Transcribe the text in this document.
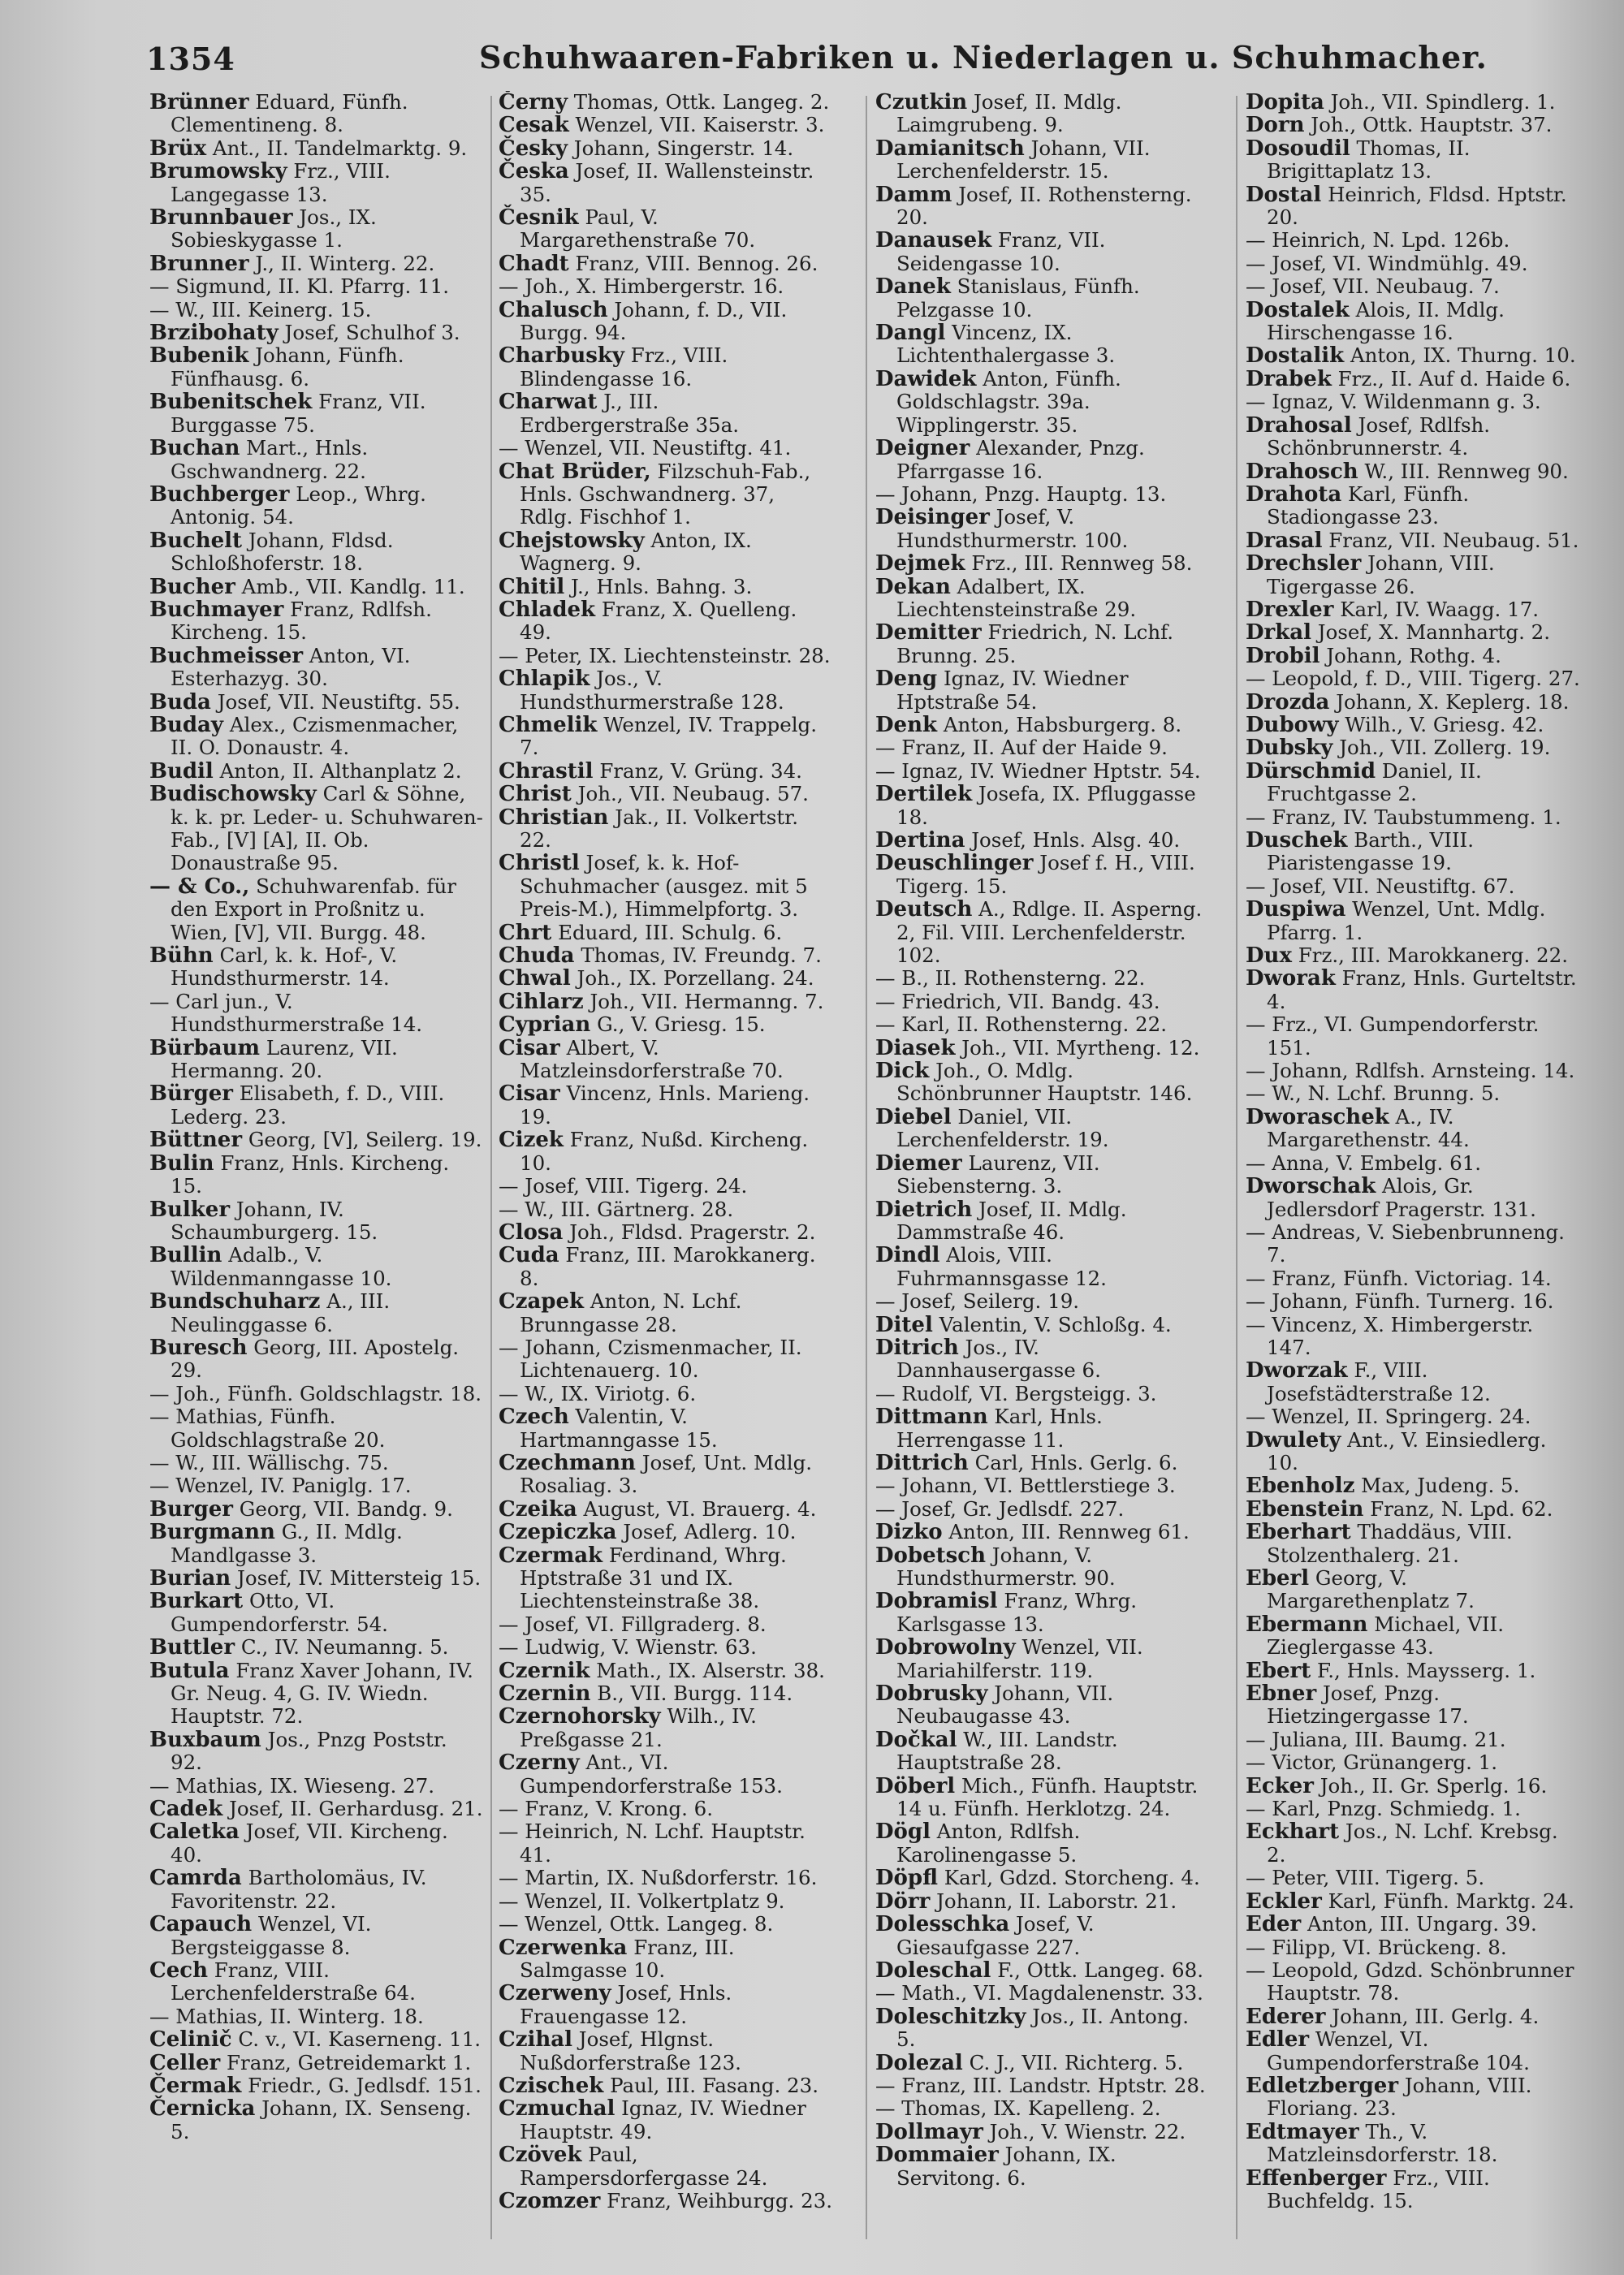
1354	Schuhwaaren-Fabriken u. Niederlagen u. Schuhmacher.

Brünner Eduard, Fünfh. Clementineng. 8.

Brüx Ant., II. Tandelmarktg. 9.

Brumowsky Frz., VIII. Langegasse 13.

Brunnbauer Jos., IX. Sobieskygasse 1.

Brunner J., II. Winterg. 22.

— Sigmund, II. Kl. Pfarrg. 11.

— W., III. Keinerg. 15.

Brzibohaty Josef, Schulhof 3.

Bubenik Johann, Fünfh. Fünfhausg. 6.

Bubenitschek Franz, VII. Burggasse 75.

Buchan Mart., Hnls. Gschwandnerg. 22.

Buchberger Leop., Whrg. Antonig. 54.

Buchelt Johann, Fldsd. Schloßhoferstr. 18.

Bucher Amb., VII. Kandlg. 11.

Buchmayer Franz, Rdlfsh. Kircheng. 15.

Buchmeisser Anton, VI. Esterhazyg. 30.

Buda Josef, VII. Neustiftg. 55.

Buday Alex., Czismenmacher, II. O. Donaustr. 4.

Budil Anton, II. Althanplatz 2.

Budischowsky Carl & Söhne, k. k. pr. Leder- u. Schuhwaren-Fab., [V] [A], II. Ob. Donaustraße 95.

— & Co., Schuhwarenfab. für den Export in Proßnitz u. Wien, [V], VII. Burgg. 48.

Bühn Carl, k. k. Hof-, V. Hundsthurmerstr. 14.

— Carl jun., V. Hundsthurmerstraße 14.

Bürbaum Laurenz, VII. Hermanng. 20.

Bürger Elisabeth, f. D., VIII. Lederg. 23.

Büttner Georg, [V], Seilerg. 19.

Bulin Franz, Hnls. Kircheng. 15.

Bulker Johann, IV. Schaumburgerg. 15.

Bullin Adalb., V. Wildenmanngasse 10.

Bundschuharz A., III. Neulinggasse 6.

Buresch Georg, III. Apostelg. 29.

— Joh., Fünfh. Goldschlagstr. 18.

— Mathias, Fünfh. Goldschlagstraße 20.

— W., III. Wällischg. 75.

— Wenzel, IV. Paniglg. 17.

Burger Georg, VII. Bandg. 9.

Burgmann G., II. Mdlg. Mandlgasse 3.

Burian Josef, IV. Mittersteig 15.

Burkart Otto, VI. Gumpendorferstr. 54.

Buttler C., IV. Neumanng. 5.

Butula Franz Xaver Johann, IV. Gr. Neug. 4, G. IV. Wiedn. Hauptstr. 72.

Buxbaum Jos., Pnzg Poststr. 92.

— Mathias, IX. Wieseng. 27.

Cadek Josef, II. Gerhardusg. 21.

Caletka Josef, VII. Kircheng. 40.

Camrda Bartholomäus, IV. Favoritenstr. 22.

Capauch Wenzel, VI. Bergsteiggasse 8.

Cech Franz, VIII. Lerchenfelderstraße 64.

— Mathias, II. Winterg. 18.

Celinič C. v., VI. Kaserneng. 11.

Celler Franz, Getreidemarkt 1.

Čermak Friedr., G. Jedlsdf. 151.

Černicka Johann, IX. Senseng. 5.

Černy Thomas, Ottk. Langeg. 2.

Cesak Wenzel, VII. Kaiserstr. 3.

Česky Johann, Singerstr. 14.

Česka Josef, II. Wallensteinstr. 35.

Česnik Paul, V. Margarethenstraße 70.

Chadt Franz, VIII. Bennog. 26.

— Joh., X. Himbergerstr. 16.

Chalusch Johann, f. D., VII. Burgg. 94.

Charbusky Frz., VIII. Blindengasse 16.

Charwat J., III. Erdbergerstraße 35a.

— Wenzel, VII. Neustiftg. 41.

Chat Brüder, Filzschuh-Fab., Hnls. Gschwandnerg. 37, Rdlg. Fischhof 1.

Chejstowsky Anton, IX. Wagnerg. 9.

Chitil J., Hnls. Bahng. 3.

Chladek Franz, X. Quelleng. 49.

— Peter, IX. Liechtensteinstr. 28.

Chlapik Jos., V. Hundsthurmerstraße 128.

Chmelik Wenzel, IV. Trappelg. 7.

Chrastil Franz, V. Grüng. 34.

Christ Joh., VII. Neubaug. 57.

Christian Jak., II. Volkertstr. 22.

Christl Josef, k. k. Hof-Schuhmacher (ausgez. mit 5 Preis-M.), Himmelpfortg. 3.

Chrt Eduard, III. Schulg. 6.

Chuda Thomas, IV. Freundg. 7.

Chwal Joh., IX. Porzellang. 24.

Cihlarz Joh., VII. Hermanng. 7.

Cyprian G., V. Griesg. 15.

Cisar Albert, V. Matzleinsdorferstraße 70.

Cisar Vincenz, Hnls. Marieng. 19.

Cizek Franz, Nußd. Kircheng. 10.

— Josef, VIII. Tigerg. 24.

— W., III. Gärtnerg. 28.

Closa Joh., Fldsd. Pragerstr. 2.

Cuda Franz, III. Marokkanerg. 8.

Czapek Anton, N. Lchf. Brunngasse 28.

— Johann, Czismenmacher, II. Lichtenauerg. 10.

— W., IX. Viriotg. 6.

Czech Valentin, V. Hartmanngasse 15.

Czechmann Josef, Unt. Mdlg. Rosaliag. 3.

Czeika August, VI. Brauerg. 4.

Czepiczka Josef, Adlerg. 10.

Czermak Ferdinand, Whrg. Hptstraße 31 und IX. Liechtensteinstraße 38.

— Josef, VI. Fillgraderg. 8.

— Ludwig, V. Wienstr. 63.

Czernik Math., IX. Alserstr. 38.

Czernin B., VII. Burgg. 114.

Czernohorsky Wilh., IV. Preßgasse 21.

Czerny Ant., VI. Gumpendorferstraße 153.

— Franz, V. Krong. 6.

— Heinrich, N. Lchf. Hauptstr. 41.

— Martin, IX. Nußdorferstr. 16.

— Wenzel, II. Volkertplatz 9.

— Wenzel, Ottk. Langeg. 8.

Czerwenka Franz, III. Salmgasse 10.

Czerweny Josef, Hnls. Frauengasse 12.

Czihal Josef, Hlgnst. Nußdorferstraße 123.

Czischek Paul, III. Fasang. 23.

Czmuchal Ignaz, IV. Wiedner Hauptstr. 49.

Czövek Paul, Rampersdorfergasse 24.

Czomzer Franz, Weihburgg. 23.

Czutkin Josef, II. Mdlg. Laimgrubeng. 9.

Damianitsch Johann, VII. Lerchenfelderstr. 15.

Damm Josef, II. Rothensterng. 20.

Danausek Franz, VII. Seidengasse 10.

Danek Stanislaus, Fünfh. Pelzgasse 10.

Dangl Vincenz, IX. Lichtenthalergasse 3.

Dawidek Anton, Fünfh. Goldschlagstr. 39a. Wipplingerstr. 35.

Deigner Alexander, Pnzg. Pfarrgasse 16.

— Johann, Pnzg. Hauptg. 13.

Deisinger Josef, V. Hundsthurmerstr. 100.

Dejmek Frz., III. Rennweg 58.

Dekan Adalbert, IX. Liechtensteinstraße 29.

Demitter Friedrich, N. Lchf. Brunng. 25.

Deng Ignaz, IV. Wiedner Hptstraße 54.

Denk Anton, Habsburgerg. 8.

— Franz, II. Auf der Haide 9.

— Ignaz, IV. Wiedner Hptstr. 54.

Dertilek Josefa, IX. Pfluggasse 18.

Dertina Josef, Hnls. Alsg. 40.

Deuschlinger Josef f. H., VIII. Tigerg. 15.

Deutsch A., Rdlge. II. Asperng. 2, Fil. VIII. Lerchenfelderstr. 102.

— B., II. Rothensterng. 22.

— Friedrich, VII. Bandg. 43.

— Karl, II. Rothensterng. 22.

Diasek Joh., VII. Myrtheng. 12.

Dick Joh., O. Mdlg. Schönbrunner Hauptstr. 146.

Diebel Daniel, VII. Lerchenfelderstr. 19.

Diemer Laurenz, VII. Siebensterng. 3.

Dietrich Josef, II. Mdlg. Dammstraße 46.

Dindl Alois, VIII. Fuhrmannsgasse 12.

— Josef, Seilerg. 19.

Ditel Valentin, V. Schloßg. 4.

Ditrich Jos., IV. Dannhausergasse 6.

— Rudolf, VI. Bergsteigg. 3.

Dittmann Karl, Hnls. Herrengasse 11.

Dittrich Carl, Hnls. Gerlg. 6.

— Johann, VI. Bettlerstiege 3.

— Josef, Gr. Jedlsdf. 227.

Dizko Anton, III. Rennweg 61.

Dobetsch Johann, V. Hundsthurmerstr. 90.

Dobramisl Franz, Whrg. Karlsgasse 13.

Dobrowolny Wenzel, VII. Mariahilferstr. 119.

Dobrusky Johann, VII. Neubaugasse 43.

Dočkal W., III. Landstr. Hauptstraße 28.

Döberl Mich., Fünfh. Hauptstr. 14 u. Fünfh. Herklotzg. 24.

Dögl Anton, Rdlfsh. Karolinengasse 5.

Döpfl Karl, Gdzd. Storcheng. 4.

Dörr Johann, II. Laborstr. 21.

Dolesschka Josef, V. Giesaufgasse 227.

Doleschal F., Ottk. Langeg. 68.

— Math., VI. Magdalenenstr. 33.

Doleschitzky Jos., II. Antong. 5.

Dolezal C. J., VII. Richterg. 5.

— Franz, III. Landstr. Hptstr. 28.

— Thomas, IX. Kapelleng. 2.

Dollmayr Joh., V. Wienstr. 22.

Dommaier Johann, IX. Servitong. 6.

Dopita Joh., VII. Spindlerg. 1.

Dorn Joh., Ottk. Hauptstr. 37.

Dosoudil Thomas, II. Brigittaplatz 13.

Dostal Heinrich, Fldsd. Hptstr. 20.

— Heinrich, N. Lpd. 126b.

— Josef, VI. Windmühlg. 49.

— Josef, VII. Neubaug. 7.

Dostalek Alois, II. Mdlg. Hirschengasse 16.

Dostalik Anton, IX. Thurng. 10.

Drabek Frz., II. Auf d. Haide 6.

— Ignaz, V. Wildenmann g. 3.

Drahosal Josef, Rdlfsh. Schönbrunnerstr. 4.

Drahosch W., III. Rennweg 90.

Drahota Karl, Fünfh. Stadiongasse 23.

Drasal Franz, VII. Neubaug. 51.

Drechsler Johann, VIII. Tigergasse 26.

Drexler Karl, IV. Waagg. 17.

Drkal Josef, X. Mannhartg. 2.

Drobil Johann, Rothg. 4.

— Leopold, f. D., VIII. Tigerg. 27.

Drozda Johann, X. Keplerg. 18.

Dubowy Wilh., V. Griesg. 42.

Dubsky Joh., VII. Zollerg. 19.

Dürschmid Daniel, II. Fruchtgasse 2.

— Franz, IV. Taubstummeng. 1.

Duschek Barth., VIII. Piaristengasse 19.

— Josef, VII. Neustiftg. 67.

Duspiwa Wenzel, Unt. Mdlg. Pfarrg. 1.

Dux Frz., III. Marokkanerg. 22.

Dworak Franz, Hnls. Gurteltstr. 4.

— Frz., VI. Gumpendorferstr. 151.

— Johann, Rdlfsh. Arnsteing. 14.

— W., N. Lchf. Brunng. 5.

Dworaschek A., IV. Margarethenstr. 44.

— Anna, V. Embelg. 61.

Dworschak Alois, Gr. Jedlersdorf Pragerstr. 131.

— Andreas, V. Siebenbrunneng. 7.

— Franz, Fünfh. Victoriag. 14.

— Johann, Fünfh. Turnerg. 16.

— Vincenz, X. Himbergerstr. 147.

Dworzak F., VIII. Josefstädterstraße 12.

— Wenzel, II. Springerg. 24.

Dwulety Ant., V. Einsiedlerg. 10.

Ebenholz Max, Judeng. 5.

Ebenstein Franz, N. Lpd. 62.

Eberhart Thaddäus, VIII. Stolzenthalerg. 21.

Eberl Georg, V. Margarethenplatz 7.

Ebermann Michael, VII. Zieglergasse 43.

Ebert F., Hnls. Maysserg. 1.

Ebner Josef, Pnzg. Hietzingergasse 17.

— Juliana, III. Baumg. 21.

— Victor, Grünangerg. 1.

Ecker Joh., II. Gr. Sperlg. 16.

— Karl, Pnzg. Schmiedg. 1.

Eckhart Jos., N. Lchf. Krebsg. 2.

— Peter, VIII. Tigerg. 5.

Eckler Karl, Fünfh. Marktg. 24.

Eder Anton, III. Ungarg. 39.

— Filipp, VI. Brückeng. 8.

— Leopold, Gdzd. Schönbrunner Hauptstr. 78.

Ederer Johann, III. Gerlg. 4.

Edler Wenzel, VI. Gumpendorferstraße 104.

Edletzberger Johann, VIII. Floriang. 23.

Edtmayer Th., V. Matzleinsdorferstr. 18.

Effenberger Frz., VIII. Buchfeldg. 15.
